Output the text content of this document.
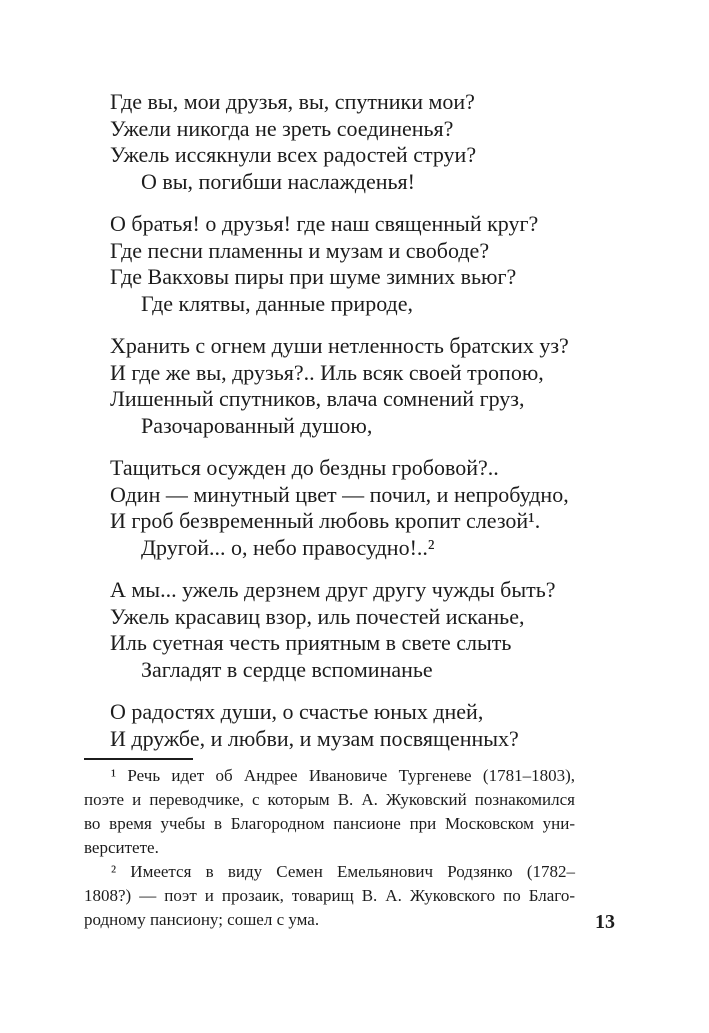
Где вы, мои друзья, вы, спутники мои?
Ужели никогда не зреть соединенья?
Ужель иссякнули всех радостей струи?
О вы, погибши наслажденья!
О братья! о друзья! где наш священный круг?
Где песни пламенны и музам и свободе?
Где Вакховы пиры при шуме зимних вьюг?
Где клятвы, данные природе,
Хранить с огнем души нетленность братских уз?
И где же вы, друзья?.. Иль всяк своей тропою,
Лишенный спутников, влача сомнений груз,
Разочарованный душою,
Тащиться осужден до бездны гробовой?..
Один — минутный цвет — почил, и непробудно,
И гроб безвременный любовь кропит слезой¹.
Другой... о, небо правосудно!..²
А мы... ужель дерзнем друг другу чужды быть?
Ужель красавиц взор, иль почестей исканье,
Иль суетная честь приятным в свете слыть
Загладят в сердце вспоминанье
О радостях души, о счастье юных дней,
И дружбе, и любви, и музам посвященных?
¹ Речь идет об Андрее Ивановиче Тургеневе (1781–1803),
поэте и переводчике, с которым В. А. Жуковский познакомился
во время учебы в Благородном пансионе при Московском уни-
верситете.
² Имеется в виду Семен Емельянович Родзянко (1782–
1808?) — поэт и прозаик, товарищ В. А. Жуковского по Благо-
родному пансиону; сошел с ума.	13
